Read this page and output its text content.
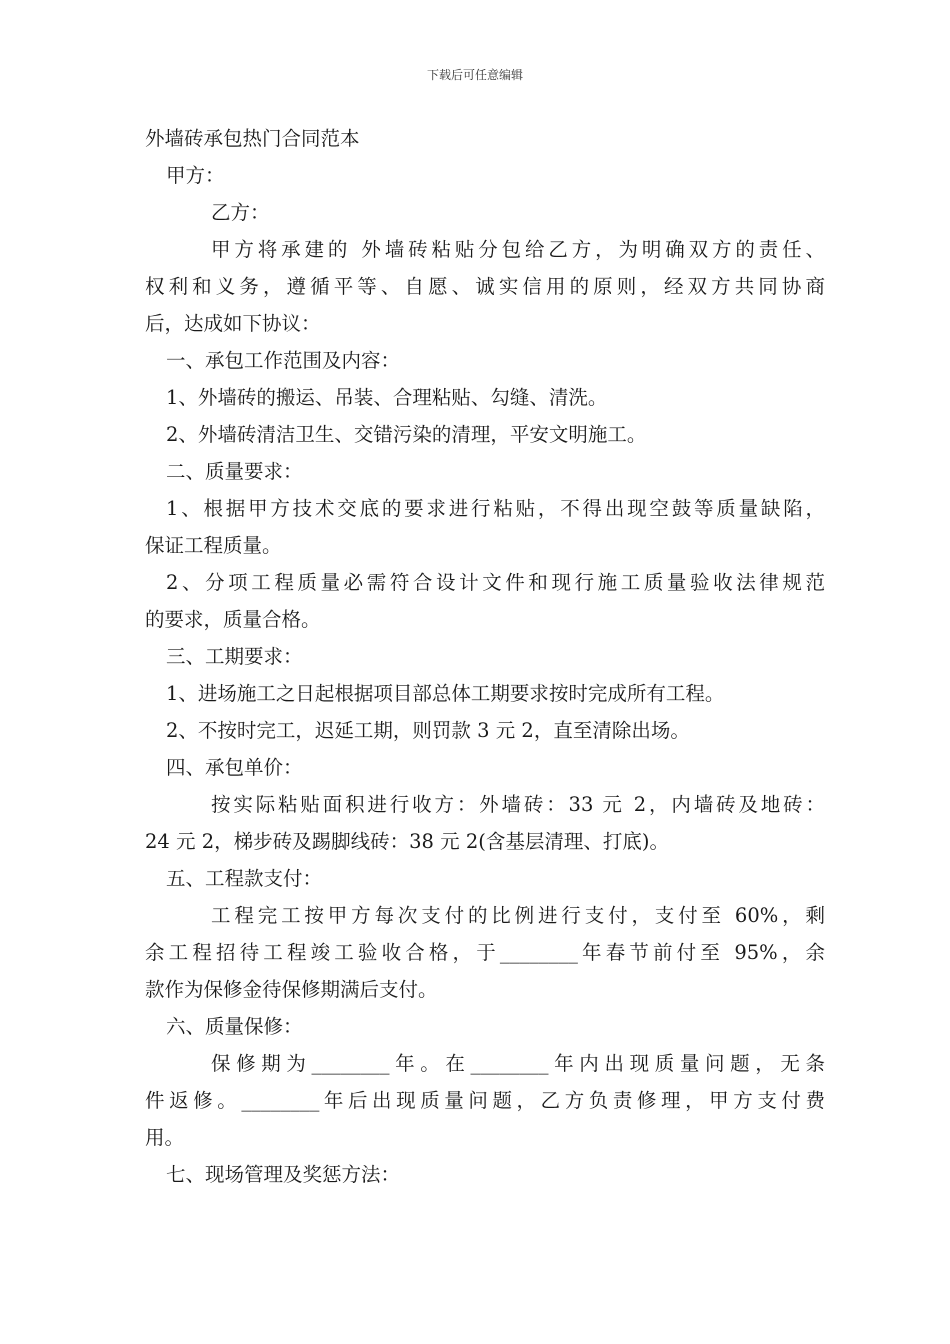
下载后可任意编辑

外墙砖承包热门合同范本

甲方：

乙方：

甲方将承建的 外墙砖粘贴分包给乙方，为明确双方的责任、

权利和义务，遵循平等、自愿、诚实信用的原则，经双方共同协商

后，达成如下协议：

一、承包工作范围及内容：

1、外墙砖的搬运、吊装、合理粘贴、勾缝、清洗。

2、外墙砖清洁卫生、交错污染的清理，平安文明施工。

二、质量要求：

1、根据甲方技术交底的要求进行粘贴，不得出现空鼓等质量缺陷，

保证工程质量。

2、分项工程质量必需符合设计文件和现行施工质量验收法律规范

的要求，质量合格。

三、工期要求：

1、进场施工之日起根据项目部总体工期要求按时完成所有工程。

2、不按时完工，迟延工期，则罚款 3 元 2，直至清除出场。

四、承包单价：

按实际粘贴面积进行收方：外墙砖：33 元 2，内墙砖及地砖：

24 元 2，梯步砖及踢脚线砖：38 元 2(含基层清理、打底)。

五、工程款支付：

工程完工按甲方每次支付的比例进行支付，支付至 60%，剩

余工程招待工程竣工验收合格，于________年春节前付至 95%，余

款作为保修金待保修期满后支付。

六、质量保修：

保修期为________年。在________年内出现质量问题，无条

件返修。________年后出现质量问题，乙方负责修理，甲方支付费

用。

七、现场管理及奖惩方法：
